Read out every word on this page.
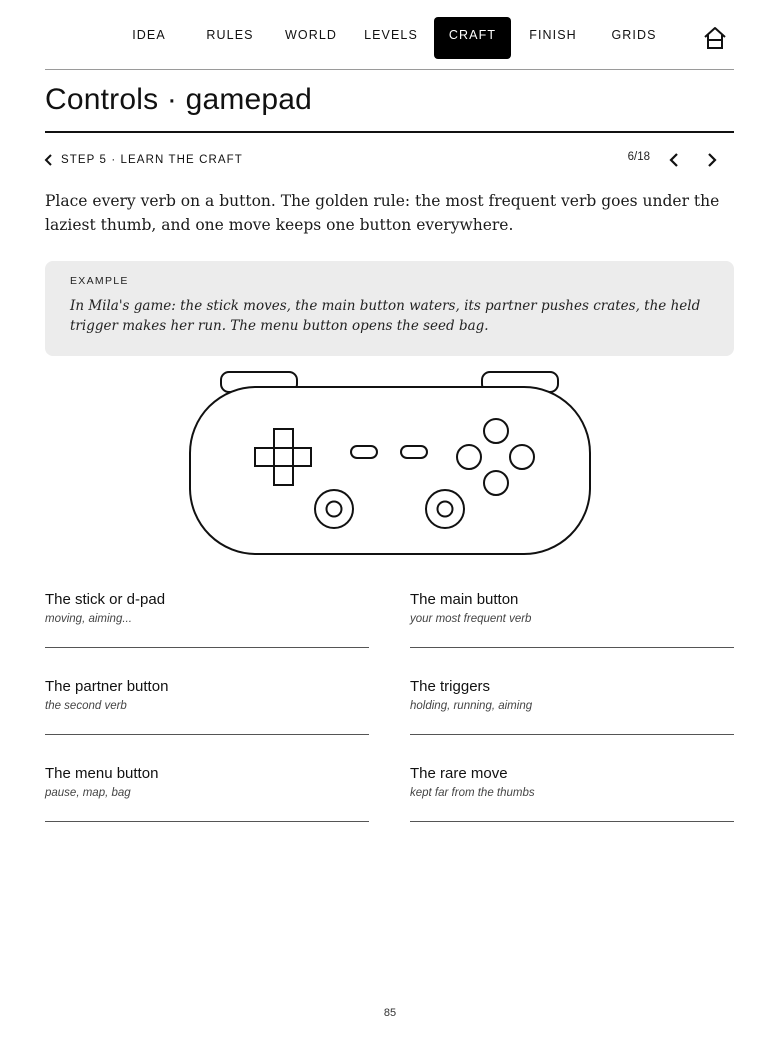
IDEA	RULES	WORLD	LEVELS	CRAFT	FINISH	GRIDS
Controls · gamepad
STEP 5 · LEARN THE CRAFT	6/18

Place every verb on a button. The golden rule: the most frequent verb goes under the laziest thumb, and one move keeps one button everywhere.

EXAMPLE

In Mila's game: the stick moves, the main button waters, its partner pushes crates, the held trigger makes her run. The menu button opens the seed bag.

The stick or d-pad
moving, aiming...
The main button
your most frequent verb
The partner button
the second verb
The triggers
holding, running, aiming
The menu button
pause, map, bag
The rare move
kept far from the thumbs
85
